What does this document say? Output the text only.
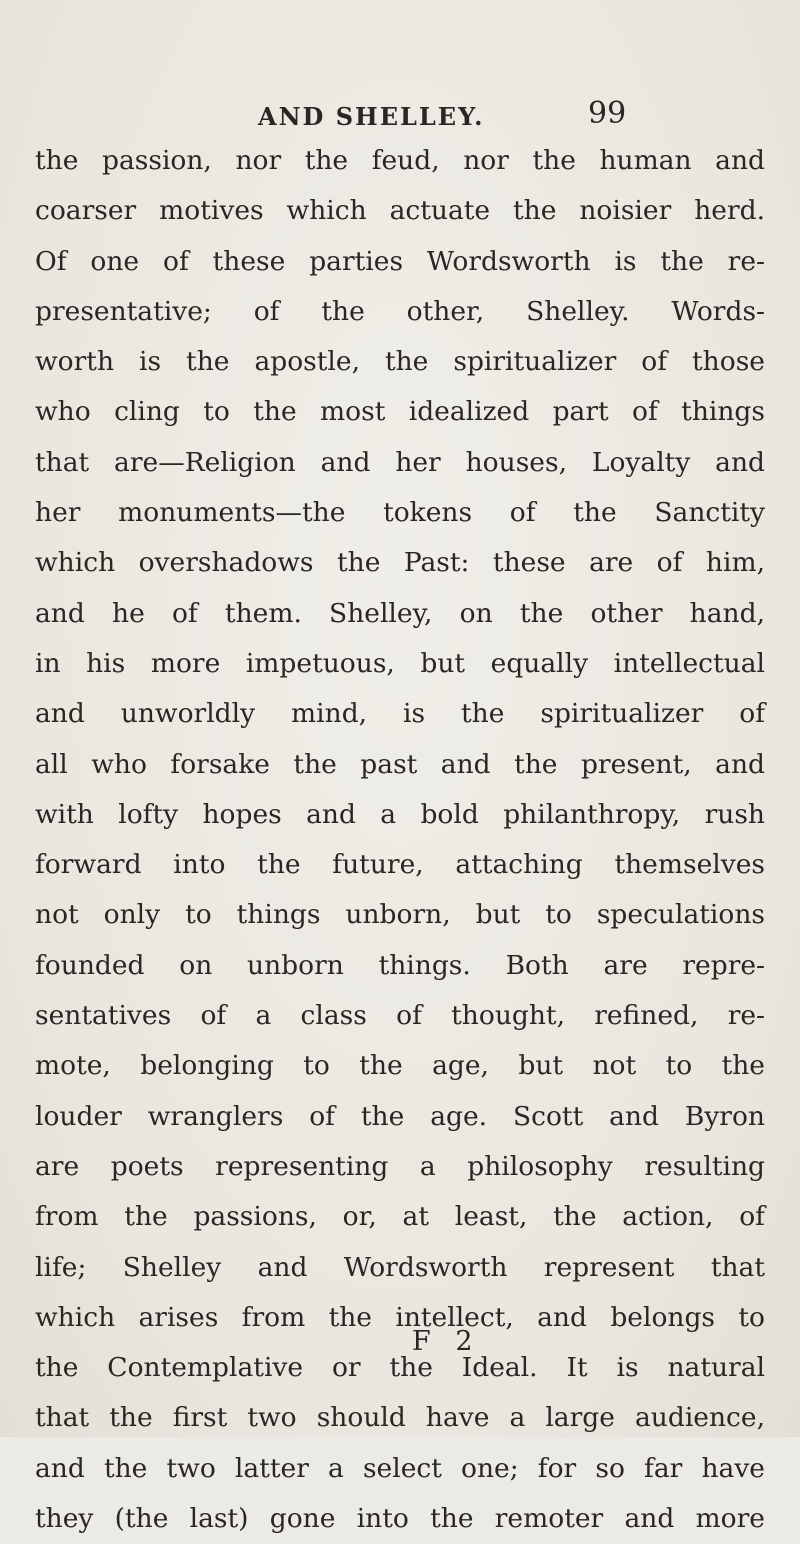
AND SHELLEY.	99
the passion, nor the feud, nor the human and
coarser motives which actuate the noisier herd.
Of one of these parties Wordsworth is the re-
presentative; of the other, Shelley. Words-
worth is the apostle, the spiritualizer of those
who cling to the most idealized part of things
that are—Religion and her houses, Loyalty and
her monuments—the tokens of the Sanctity
which overshadows the Past: these are of him,
and he of them. Shelley, on the other hand,
in his more impetuous, but equally intellectual
and unworldly mind, is the spiritualizer of
all who forsake the past and the present, and
with lofty hopes and a bold philanthropy, rush
forward into the future, attaching themselves
not only to things unborn, but to speculations
founded on unborn things. Both are repre-
sentatives of a class of thought, refined, re-
mote, belonging to the age, but not to the
louder wranglers of the age. Scott and Byron
are poets representing a philosophy resulting
from the passions, or, at least, the action, of
life; Shelley and Wordsworth represent that
which arises from the intellect, and belongs to
the Contemplative or the Ideal. It is natural
that the first two should have a large audience,
and the two latter a select one; for so far have
they (the last) gone into the remoter and more
F 2
